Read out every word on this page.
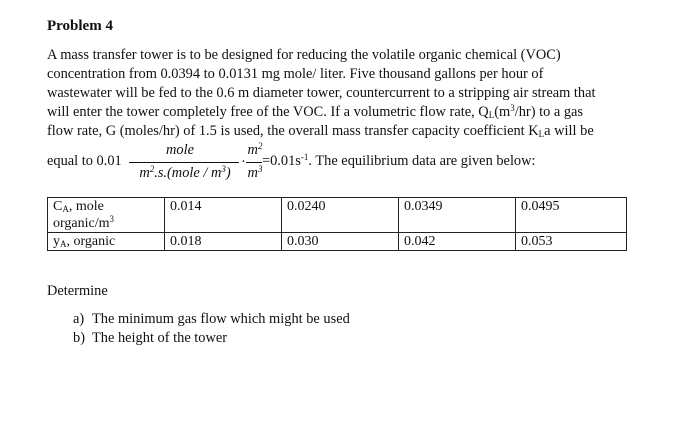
Problem 4
A mass transfer tower is to be designed for reducing the volatile organic chemical (VOC)
concentration from 0.0394 to 0.0131 mg mole/ liter. Five thousand gallons per hour of
wastewater will be fed to the 0.6 m diameter tower, countercurrent to a stripping air stream that
will enter the tower completely free of the VOC. If a volumetric flow rate, $Q_L(m^3/hr)$ to a gas
flow rate, G (moles/hr) of 1.5 is used, the overall mass transfer capacity coefficient $K_La$ will be
equal to 0.01
mole
$m^2.s.(mole / m^3)$
·
$m^2$
$m^3 =0.01s^{-1}$. The equilibrium data are given below:
$C_A$, mole
organic/$m^3$	0.014	0.0240	0.0349	0.0495
$y_A$, organic	0.018	0.030	0.042	0.053
Determine
a) The minimum gas flow which might be used
b) The height of the tower
